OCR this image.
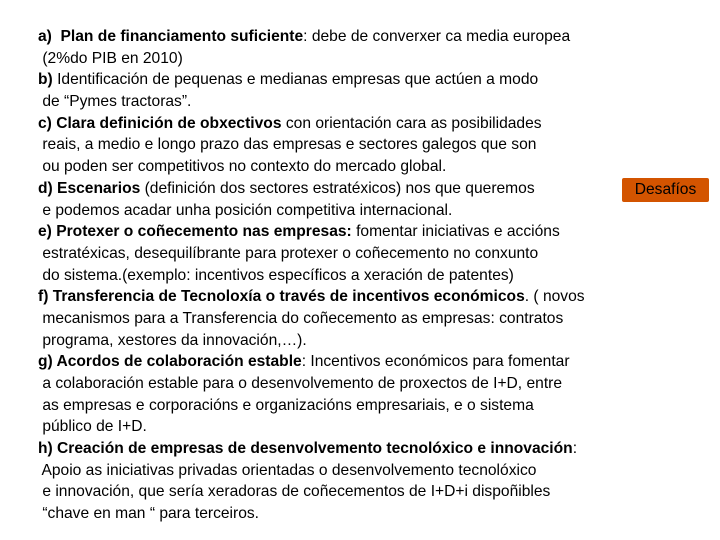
a)  Plan de financiamento suficiente: debe de converxer ca media europea
(2%do PIB en 2010)
b) Identificación de pequenas e medianas empresas que actúen a modo
de “Pymes tractoras”.
c) Clara definición de obxectivos con orientación cara as posibilidades
reais, a medio e longo prazo das empresas e sectores galegos que son
ou poden ser competitivos no contexto do mercado global.
d) Escenarios (definición dos sectores estratéxicos) nos que queremos
e podemos acadar unha posición competitiva internacional.
e) Protexer o coñecemento nas empresas: fomentar iniciativas e accións
estratéxicas, desequilíbrante para protexer o coñecemento no conxunto
do sistema.(exemplo: incentivos específicos a xeración de patentes)
f) Transferencia de Tecnoloxía o través de incentivos económicos. ( novos
mecanismos para a Transferencia do coñecemento as empresas: contratos
programa, xestores da innovación,…).
g) Acordos de colaboración estable: Incentivos económicos para fomentar
a colaboración estable para o desenvolvemento de proxectos de I+D, entre
as empresas e corporacións e organizacións empresariais, e o sistema
público de I+D.
h) Creación de empresas de desenvolvemento tecnolóxico e innovación:
Apoio as iniciativas privadas orientadas o desenvolvemento tecnolóxico
e innovación, que sería xeradoras de coñecementos de I+D+i dispoñibles
“chave en man “ para terceiros.
Desafíos
